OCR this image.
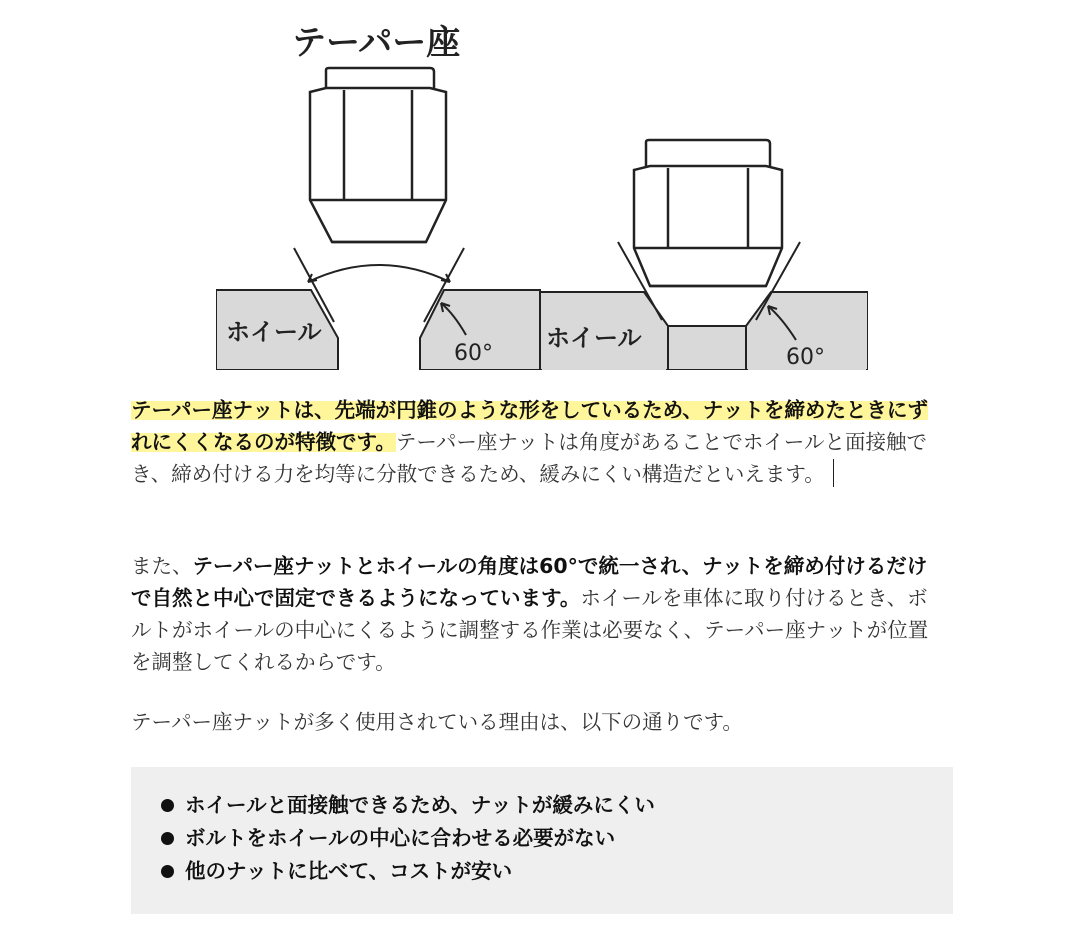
テーパー座
ホイール
60°
ホイール
60°

テーパー座ナットは、先端が円錐のような形をしているため、ナットを締めたときにずれにくくなるのが特徴です。テーパー座ナットは角度があることでホイールと面接触でき、締め付ける力を均等に分散できるため、緩みにくい構造だといえます。

また、テーパー座ナットとホイールの角度は60°で統一され、ナットを締め付けるだけで自然と中心で固定できるようになっています。ホイールを車体に取り付けるとき、ボルトがホイールの中心にくるように調整する作業は必要なく、テーパー座ナットが位置を調整してくれるからです。

テーパー座ナットが多く使用されている理由は、以下の通りです。

ホイールと面接触できるため、ナットが緩みにくい
ボルトをホイールの中心に合わせる必要がない
他のナットに比べて、コストが安い
